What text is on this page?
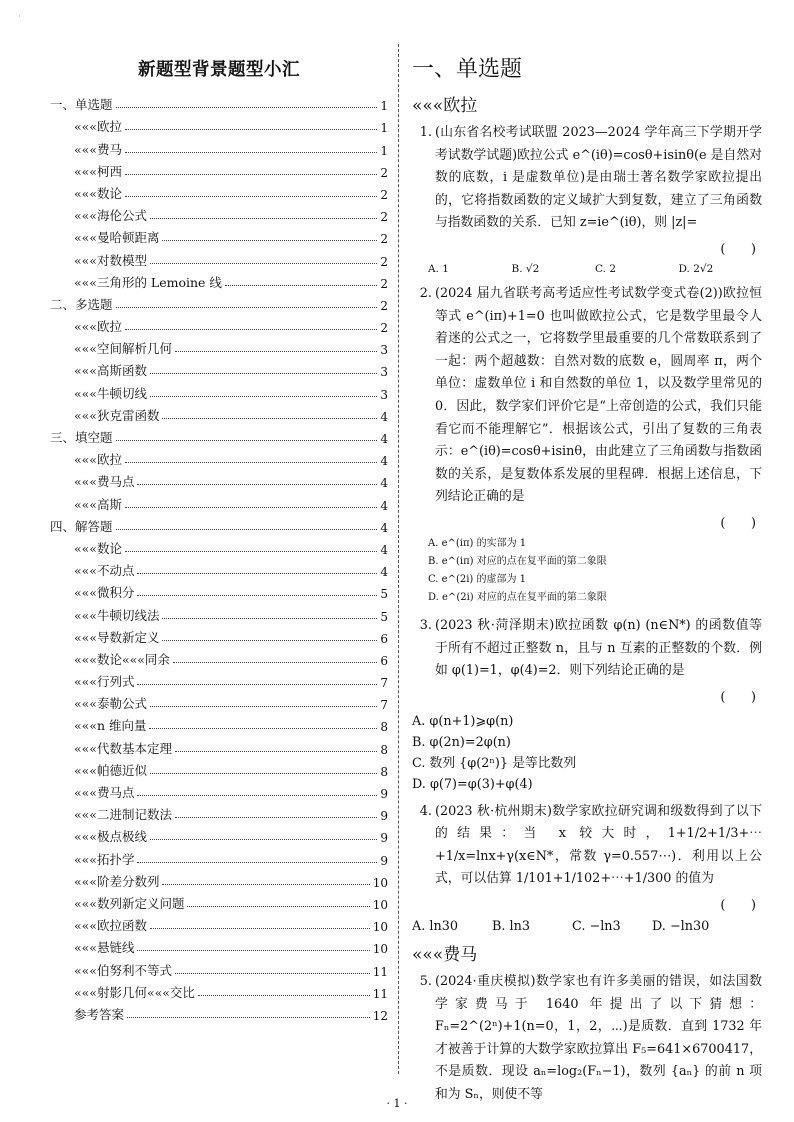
·
新题型背景题型小汇
一、单选题	1
«««欧拉	1
«««费马	1
«««柯西	2
«««数论	2
«««海伦公式	2
«««曼哈顿距离	2
«««对数模型	2
«««三角形的 Lemoine 线	2
二、多选题	2
«««欧拉	2
«««空间解析几何	3
«««高斯函数	3
«««牛顿切线	3
«««狄克雷函数	4
三、填空题	4
«««欧拉	4
«««费马点	4
«««高斯	4
四、解答题	4
«««数论	4
«««不动点	4
«««微积分	5
«««牛顿切线法	5
«««导数新定义	6
«««数论«««同余	6
«««行列式	7
«««泰勒公式	7
«««n 维向量	8
«««代数基本定理	8
«««帕德近似	8
«««费马点	9
«««二进制记数法	9
«««极点极线	9
«««拓扑学	9
«««阶差分数列	10
«««数列新定义问题	10
«««欧拉函数	10
«««悬链线	10
«««伯努利不等式	11
«««射影几何«««交比	11
参考答案	12
一、单选题
«««欧拉
1. (山东省名校考试联盟 2023—2024 学年高三下学期开学考试数学试题)欧拉公式 e^(iθ)=cosθ+isinθ(e 是自然对数的底数，i 是虚数单位)是由瑞士著名数学家欧拉提出的，它将指数函数的定义域扩大到复数，建立了三角函数与指数函数的关系．已知 z=ie^(iθ)，则 |z|=
(　　)
A. 1	B. √2	C. 2	D. 2√2
2. (2024 届九省联考高考适应性考试数学变式卷(2))欧拉恒等式 e^(iπ)+1=0 也叫做欧拉公式，它是数学里最令人着迷的公式之一，它将数学里最重要的几个常数联系到了一起：两个超越数：自然对数的底数 e，圆周率 π，两个单位：虚数单位 i 和自然数的单位 1，以及数学里常见的 0．因此，数学家们评价它是“上帝创造的公式，我们只能看它而不能理解它”．根据该公式，引出了复数的三角表示：e^(iθ)=cosθ+isinθ，由此建立了三角函数与指数函数的关系，是复数体系发展的里程碑．根据上述信息，下列结论正确的是
(　　)
A. e^(iπ) 的实部为 1
B. e^(iπ) 对应的点在复平面的第二象限
C. e^(2i) 的虚部为 1
D. e^(2i) 对应的点在复平面的第二象限
3. (2023 秋·菏泽期末)欧拉函数 φ(n) (n∈N*) 的函数值等于所有不超过正整数 n，且与 n 互素的正整数的个数．例如 φ(1)=1，φ(4)=2．则下列结论正确的是
(　　)
A. φ(n+1)⩾φ(n)
B. φ(2n)=2φ(n)
C. 数列 {φ(2ⁿ)} 是等比数列
D. φ(7)=φ(3)+φ(4)
4. (2023 秋·杭州期末)数学家欧拉研究调和级数得到了以下的结果：当 x 较大时，1+1/2+1/3+⋯+1/x=lnx+γ(x∈N*，常数 γ=0.557⋯)．利用以上公式，可以估算 1/101+1/102+⋯+1/300 的值为
(　　)
A. ln30	B. ln3	C. −ln3	D. −ln30
«««费马
5. (2024·重庆模拟)数学家也有许多美丽的错误，如法国数学家费马于 1640 年提出了以下猜想：Fₙ=2^(2ⁿ)+1(n=0，1，2，⋯)是质数．直到 1732 年才被善于计算的大数学家欧拉算出 F₅=641×6700417，不是质数．现设 aₙ=log₂(Fₙ−1)，数列 {aₙ} 的前 n 项和为 Sₙ，则使不等
· 1 ·
